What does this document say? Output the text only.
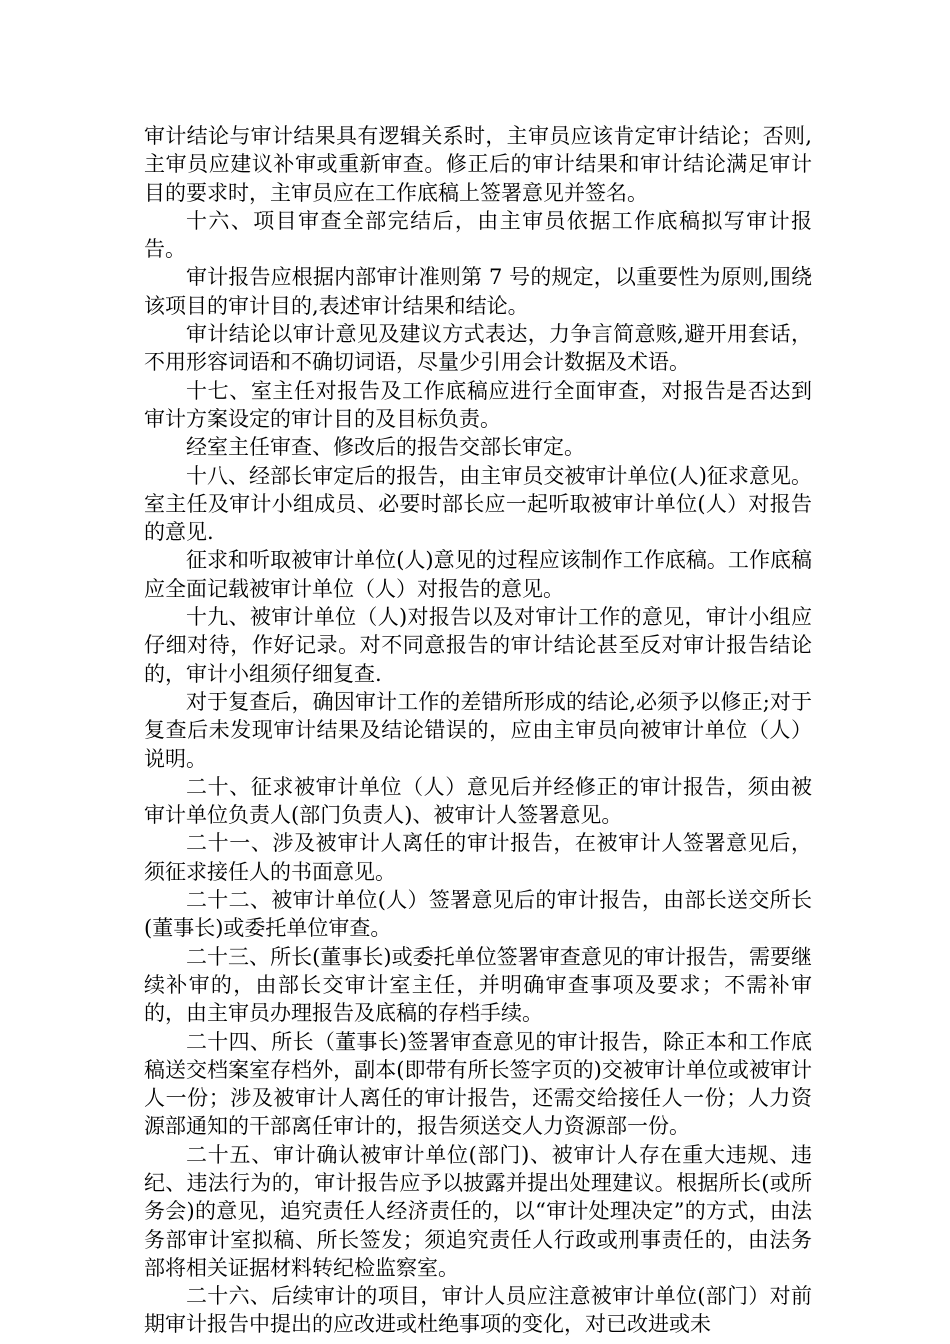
审计结论与审计结果具有逻辑关系时，主审员应该肯定审计结论；否则,主审员应建议补审或重新审查。修正后的审计结果和审计结论满足审计目的要求时，主审员应在工作底稿上签署意见并签名。

十六、项目审查全部完结后，由主审员依据工作底稿拟写审计报告。

审计报告应根据内部审计准则第 7 号的规定，以重要性为原则,围绕该项目的审计目的,表述审计结果和结论。

审计结论以审计意见及建议方式表达，力争言简意赅,避开用套话，不用形容词语和不确切词语，尽量少引用会计数据及术语。

十七、室主任对报告及工作底稿应进行全面审查，对报告是否达到审计方案设定的审计目的及目标负责。

经室主任审查、修改后的报告交部长审定。

十八、经部长审定后的报告，由主审员交被审计单位(人)征求意见。室主任及审计小组成员、必要时部长应一起听取被审计单位(人）对报告的意见.

征求和听取被审计单位(人)意见的过程应该制作工作底稿。工作底稿应全面记载被审计单位（人）对报告的意见。

十九、被审计单位（人)对报告以及对审计工作的意见，审计小组应仔细对待，作好记录。对不同意报告的审计结论甚至反对审计报告结论的，审计小组须仔细复查.

对于复查后，确因审计工作的差错所形成的结论,必须予以修正;对于复查后未发现审计结果及结论错误的，应由主审员向被审计单位（人）说明。

二十、征求被审计单位（人）意见后并经修正的审计报告，须由被审计单位负责人(部门负责人)、被审计人签署意见。

二十一、涉及被审计人离任的审计报告，在被审计人签署意见后，须征求接任人的书面意见。

二十二、被审计单位(人）签署意见后的审计报告，由部长送交所长(董事长)或委托单位审查。

二十三、所长(董事长)或委托单位签署审查意见的审计报告，需要继续补审的，由部长交审计室主任，并明确审查事项及要求；不需补审的，由主审员办理报告及底稿的存档手续。

二十四、所长（董事长)签署审查意见的审计报告，除正本和工作底稿送交档案室存档外，副本(即带有所长签字页的)交被审计单位或被审计人一份；涉及被审计人离任的审计报告，还需交给接任人一份；人力资源部通知的干部离任审计的，报告须送交人力资源部一份。

二十五、审计确认被审计单位(部门)、被审计人存在重大违规、违纪、违法行为的，审计报告应予以披露并提出处理建议。根据所长(或所务会)的意见，追究责任人经济责任的，以“审计处理决定”的方式，由法务部审计室拟稿、所长签发；须追究责任人行政或刑事责任的，由法务部将相关证据材料转纪检监察室。

二十六、后续审计的项目，审计人员应注意被审计单位(部门）对前期审计报告中提出的应改进或杜绝事项的变化，对已改进或未
